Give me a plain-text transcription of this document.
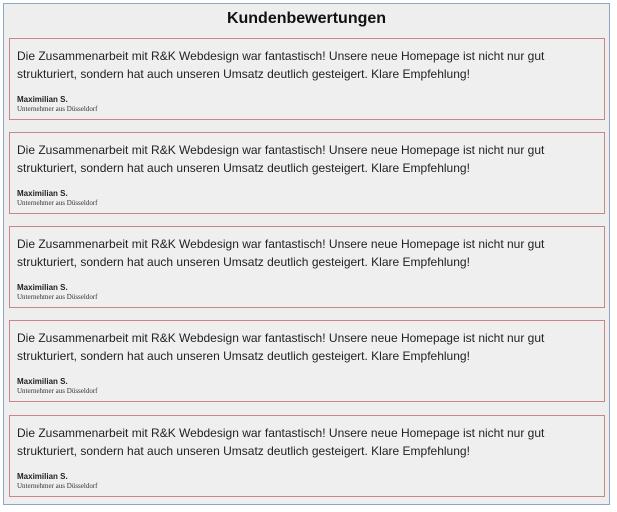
Kundenbewertungen
Die Zusammenarbeit mit R&K Webdesign war fantastisch! Unsere neue Homepage ist nicht nur gut strukturiert, sondern hat auch unseren Umsatz deutlich gesteigert. Klare Empfehlung!
Maximilian S.
Unternehmer aus Düsseldorf
Die Zusammenarbeit mit R&K Webdesign war fantastisch! Unsere neue Homepage ist nicht nur gut strukturiert, sondern hat auch unseren Umsatz deutlich gesteigert. Klare Empfehlung!
Maximilian S.
Unternehmer aus Düsseldorf
Die Zusammenarbeit mit R&K Webdesign war fantastisch! Unsere neue Homepage ist nicht nur gut strukturiert, sondern hat auch unseren Umsatz deutlich gesteigert. Klare Empfehlung!
Maximilian S.
Unternehmer aus Düsseldorf
Die Zusammenarbeit mit R&K Webdesign war fantastisch! Unsere neue Homepage ist nicht nur gut strukturiert, sondern hat auch unseren Umsatz deutlich gesteigert. Klare Empfehlung!
Maximilian S.
Unternehmer aus Düsseldorf
Die Zusammenarbeit mit R&K Webdesign war fantastisch! Unsere neue Homepage ist nicht nur gut strukturiert, sondern hat auch unseren Umsatz deutlich gesteigert. Klare Empfehlung!
Maximilian S.
Unternehmer aus Düsseldorf
